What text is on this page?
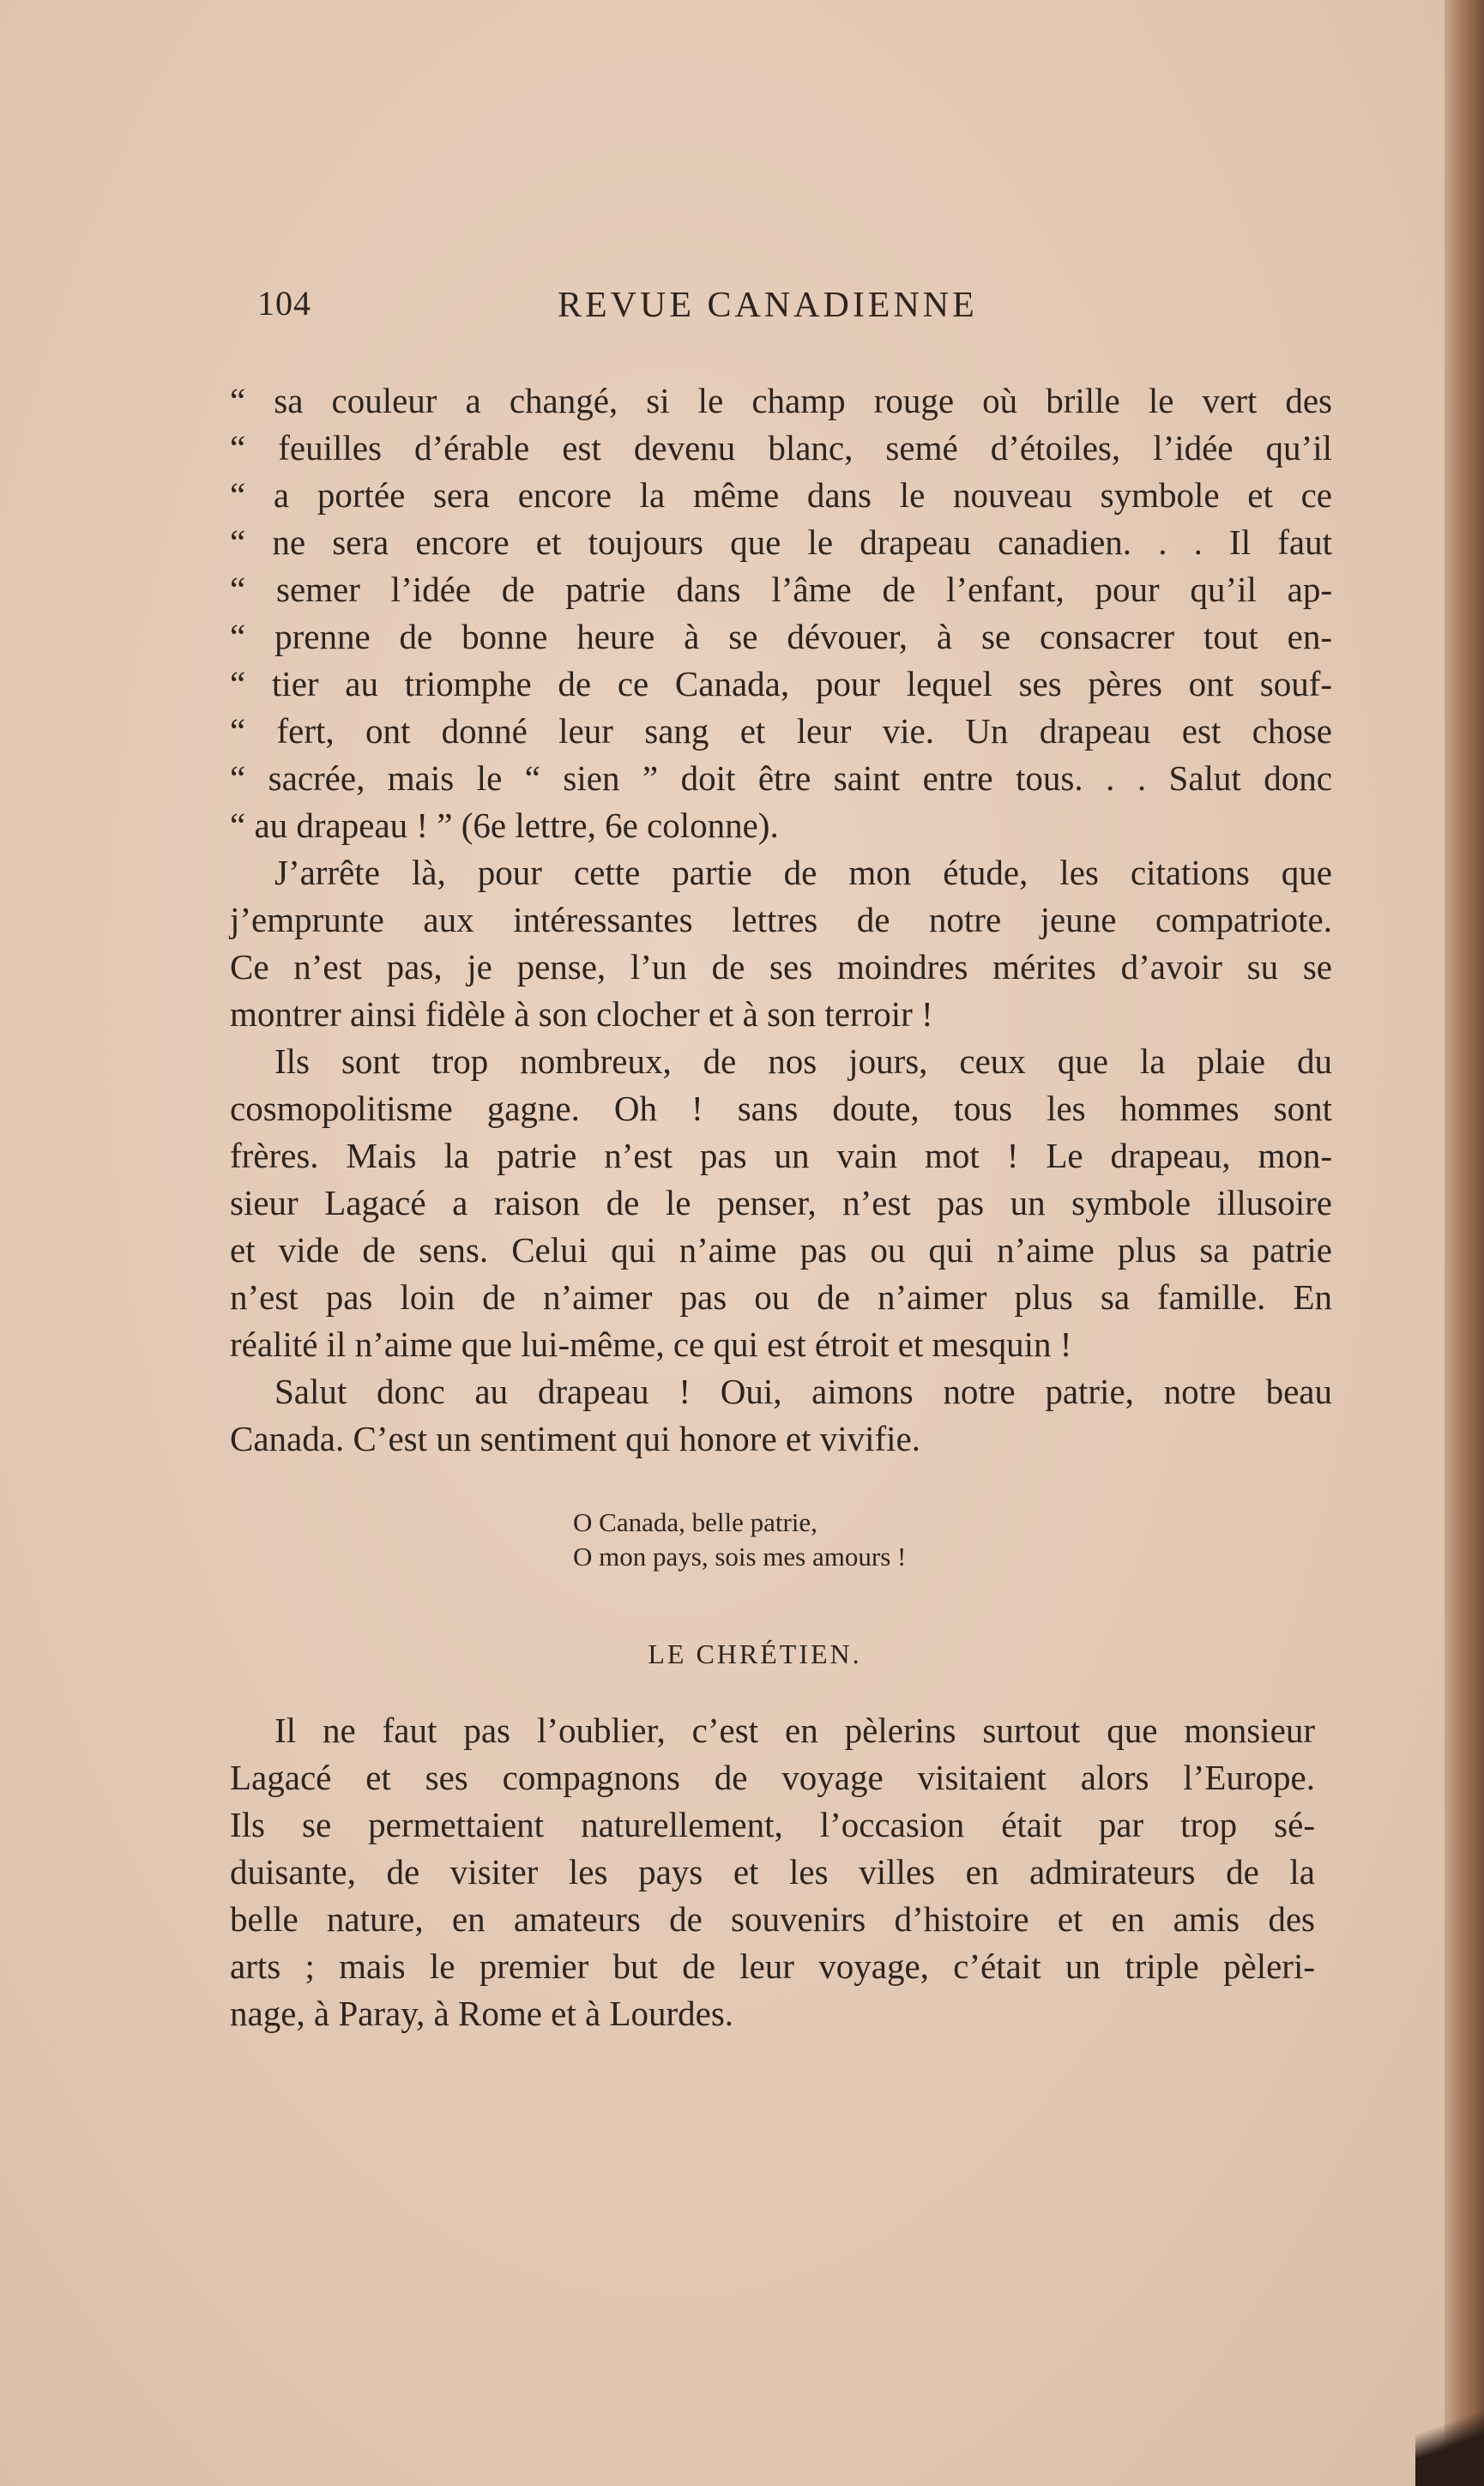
104	REVUE CANADIENNE

“ sa couleur a changé, si le champ rouge où brille le vert des
“ feuilles d’érable est devenu blanc, semé d’étoiles, l’idée qu’il
“ a portée sera encore la même dans le nouveau symbole et ce
“ ne sera encore et toujours que le drapeau canadien. . . Il faut
“ semer l’idée de patrie dans l’âme de l’enfant, pour qu’il ap-
“ prenne de bonne heure à se dévouer, à se consacrer tout en-
“ tier au triomphe de ce Canada, pour lequel ses pères ont souf-
“ fert, ont donné leur sang et leur vie. Un drapeau est chose
“ sacrée, mais le “ sien ” doit être saint entre tous. . . Salut donc
“ au drapeau ! ” (6e lettre, 6e colonne).

J’arrête là, pour cette partie de mon étude, les citations que
j’emprunte aux intéressantes lettres de notre jeune compatriote.
Ce n’est pas, je pense, l’un de ses moindres mérites d’avoir su se
montrer ainsi fidèle à son clocher et à son terroir !

Ils sont trop nombreux, de nos jours, ceux que la plaie du
cosmopolitisme gagne. Oh ! sans doute, tous les hommes sont
frères. Mais la patrie n’est pas un vain mot ! Le drapeau, mon-
sieur Lagacé a raison de le penser, n’est pas un symbole illusoire
et vide de sens. Celui qui n’aime pas ou qui n’aime plus sa patrie
n’est pas loin de n’aimer pas ou de n’aimer plus sa famille. En
réalité il n’aime que lui-même, ce qui est étroit et mesquin !

Salut donc au drapeau ! Oui, aimons notre patrie, notre beau
Canada. C’est un sentiment qui honore et vivifie.

O Canada, belle patrie,
O mon pays, sois mes amours !
LE CHRÉTIEN.

Il ne faut pas l’oublier, c’est en pèlerins surtout que monsieur
Lagacé et ses compagnons de voyage visitaient alors l’Europe.
Ils se permettaient naturellement, l’occasion était par trop sé-
duisante, de visiter les pays et les villes en admirateurs de la
belle nature, en amateurs de souvenirs d’histoire et en amis des
arts ; mais le premier but de leur voyage, c’était un triple pèleri-
nage, à Paray, à Rome et à Lourdes.
